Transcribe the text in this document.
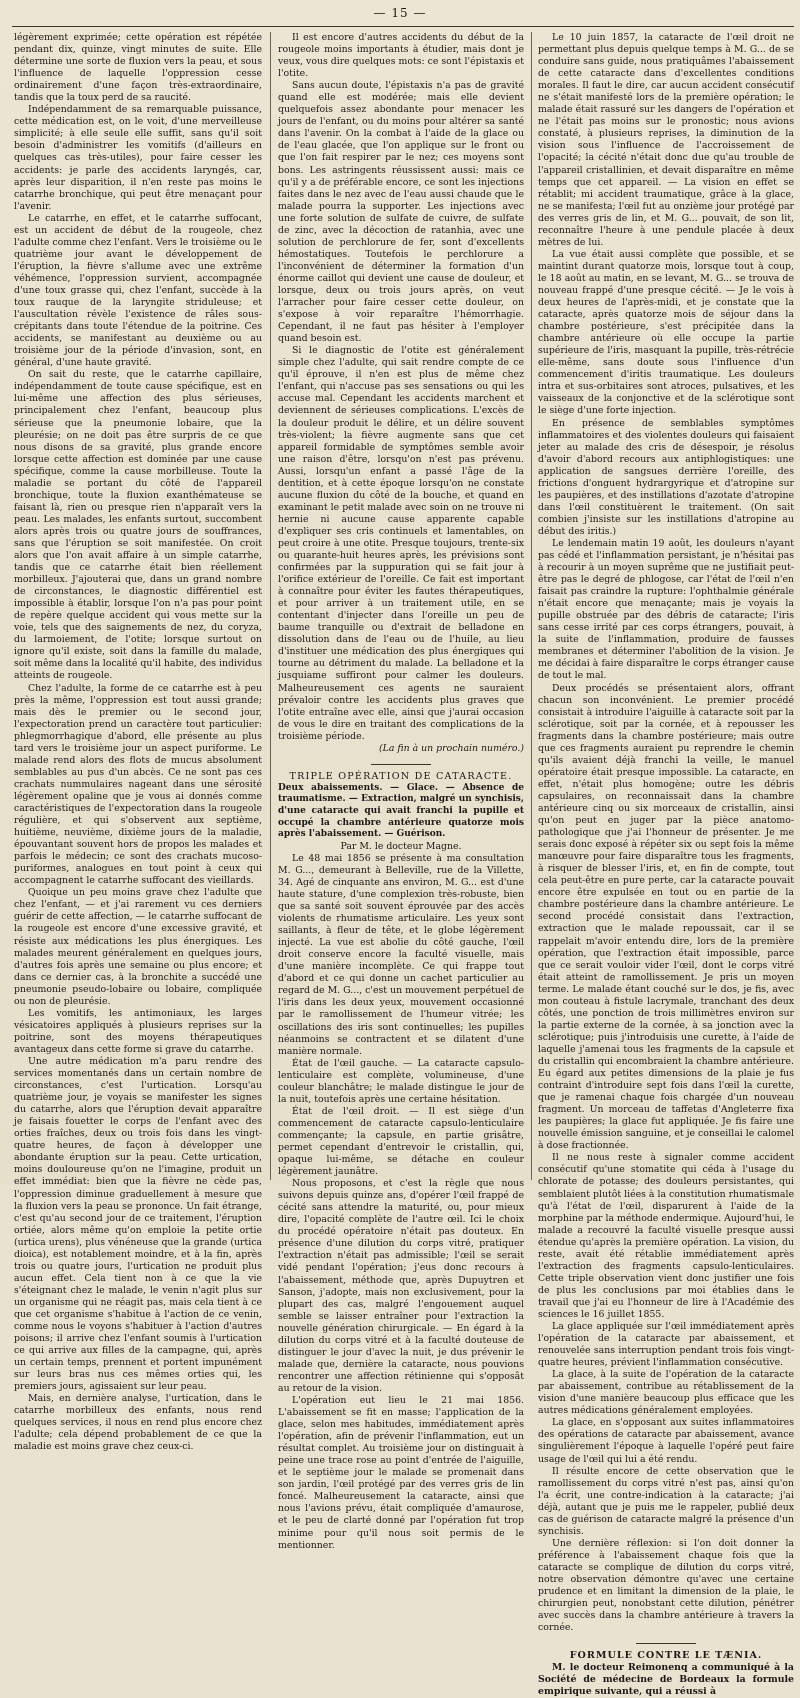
— 15 —

légèrement exprimée; cette opération est répétée pendant dix, quinze, vingt minutes de suite. Elle détermine une sorte de fluxion vers la peau, et sous l'influence de laquelle l'oppression cesse ordinairement d'une façon très-extraordinaire, tandis que la toux perd de sa raucité.

Indépendamment de sa remarquable puissance, cette médication est, on le voit, d'une merveilleuse simplicité; à elle seule elle suffit, sans qu'il soit besoin d'administrer les vomitifs (d'ailleurs en quelques cas très-utiles), pour faire cesser les accidents: je parle des accidents laryngés, car, après leur disparition, il n'en reste pas moins le catarrhe bronchique, qui peut être menaçant pour l'avenir.

Le catarrhe, en effet, et le catarrhe suffocant, est un accident de début de la rougeole, chez l'adulte comme chez l'enfant. Vers le troisième ou le quatrième jour avant le développement de l'éruption, la fièvre s'allume avec une extrême véhémence, l'oppression survient, accompagnée d'une toux grasse qui, chez l'enfant, succède à la toux rauque de la laryngite striduleuse; et l'auscultation révèle l'existence de râles sous-crépitants dans toute l'étendue de la poitrine. Ces accidents, se manifestant au deuxième ou au troisième jour de la période d'invasion, sont, en général, d'une haute gravité.

On sait du reste, que le catarrhe capillaire, indépendamment de toute cause spécifique, est en lui-même une affection des plus sérieuses, principalement chez l'enfant, beaucoup plus sérieuse que la pneumonie lobaire, que la pleurésie; on ne doit pas être surpris de ce que nous disons de sa gravité, plus grande encore lorsque cette affection est dominée par une cause spécifique, comme la cause morbilleuse. Toute la maladie se portant du côté de l'appareil bronchique, toute la fluxion exanthémateuse se faisant là, rien ou presque rien n'apparaît vers la peau. Les malades, les enfants surtout, succombent alors après trois ou quatre jours de souffrances, sans que l'éruption se soit manifestée. On croit alors que l'on avait affaire à un simple catarrhe, tandis que ce catarrhe était bien réellement morbilleux. J'ajouterai que, dans un grand nombre de circonstances, le diagnostic différentiel est impossible à établir, lorsque l'on n'a pas pour point de repère quelque accident qui vous mette sur la voie, tels que des saignements de nez, du coryza, du larmoiement, de l'otite; lorsque surtout on ignore qu'il existe, soit dans la famille du malade, soit même dans la localité qu'il habite, des individus atteints de rougeole.

Chez l'adulte, la forme de ce catarrhe est à peu près la même, l'oppression est tout aussi grande; mais dès le premier ou le second jour, l'expectoration prend un caractère tout particulier: phlegmorrhagique d'abord, elle présente au plus tard vers le troisième jour un aspect puriforme. Le malade rend alors des flots de mucus absolument semblables au pus d'un abcès. Ce ne sont pas ces crachats nummulaires nageant dans une sérosité légèrement opaline que je vous ai donnés comme caractéristiques de l'expectoration dans la rougeole régulière, et qui s'observent aux septième, huitième, neuvième, dixième jours de la maladie, épouvantant souvent hors de propos les malades et parfois le médecin; ce sont des crachats mucoso-puriformes, analogues en tout point à ceux qui accompagnent le catarrhe suffocant des vieillards.

Quoique un peu moins grave chez l'adulte que chez l'enfant, — et j'ai rarement vu ces derniers guérir de cette affection, — le catarrhe suffocant de la rougeole est encore d'une excessive gravité, et résiste aux médications les plus énergiques. Les malades meurent généralement en quelques jours, d'autres fois après une semaine ou plus encore; et dans ce dernier cas, à la bronchite a succédé une pneumonie pseudo-lobaire ou lobaire, compliquée ou non de pleurésie.

Les vomitifs, les antimoniaux, les larges vésicatoires appliqués à plusieurs reprises sur la poitrine, sont des moyens thérapeutiques avantageux dans cette forme si grave du catarrhe.

Une autre médication m'a paru rendre des services momentanés dans un certain nombre de circonstances, c'est l'urtication. Lorsqu'au quatrième jour, je voyais se manifester les signes du catarrhe, alors que l'éruption devait apparaître je faisais fouetter le corps de l'enfant avec des orties fraîches, deux ou trois fois dans les vingt-quatre heures, de façon à développer une abondante éruption sur la peau. Cette urtication, moins douloureuse qu'on ne l'imagine, produit un effet immédiat: bien que la fièvre ne cède pas, l'oppression diminue graduellement à mesure que la fluxion vers la peau se prononce. Un fait étrange, c'est qu'au second jour de ce traitement, l'éruption ortiée, alors même qu'on emploie la petite ortie (urtica urens), plus vénéneuse que la grande (urtica dioica), est notablement moindre, et à la fin, après trois ou quatre jours, l'urtication ne produit plus aucun effet. Cela tient non à ce que la vie s'éteignant chez le malade, le venin n'agit plus sur un organisme qui ne réagit pas, mais cela tient à ce que cet organisme s'habitue à l'action de ce venin, comme nous le voyons s'habituer à l'action d'autres poisons; il arrive chez l'enfant soumis à l'urtication ce qui arrive aux filles de la campagne, qui, après un certain temps, prennent et portent impunément sur leurs bras nus ces mêmes orties qui, les premiers jours, agissaient sur leur peau.

Mais, en dernière analyse, l'urtication, dans le catarrhe morbilleux des enfants, nous rend quelques services, il nous en rend plus encore chez l'adulte; cela dépend probablement de ce que la maladie est moins grave chez ceux-ci.

Il est encore d'autres accidents du début de la rougeole moins importants à étudier, mais dont je veux, vous dire quelques mots: ce sont l'épistaxis et l'otite.

Sans aucun doute, l'épistaxis n'a pas de gravité quand elle est modérée; mais elle devient quelquefois assez abondante pour menacer les jours de l'enfant, ou du moins pour altérer sa santé dans l'avenir. On la combat à l'aide de la glace ou de l'eau glacée, que l'on applique sur le front ou que l'on fait respirer par le nez; ces moyens sont bons. Les astringents réussissent aussi: mais ce qu'il y a de préférable encore, ce sont les injections faites dans le nez avec de l'eau aussi chaude que le malade pourra la supporter. Les injections avec une forte solution de sulfate de cuivre, de sulfate de zinc, avec la décoction de ratanhia, avec une solution de perchlorure de fer, sont d'excellents hémostatiques. Toutefois le perchlorure a l'inconvénient de déterminer la formation d'un énorme caillot qui devient une cause de douleur, et lorsque, deux ou trois jours après, on veut l'arracher pour faire cesser cette douleur, on s'expose à voir reparaître l'hémorrhagie. Cependant, il ne faut pas hésiter à l'employer quand besoin est.

Si le diagnostic de l'otite est généralement simple chez l'adulte, qui sait rendre compte de ce qu'il éprouve, il n'en est plus de même chez l'enfant, qui n'accuse pas ses sensations ou qui les accuse mal. Cependant les accidents marchent et deviennent de sérieuses complications. L'excès de la douleur produit le délire, et un délire souvent très-violent; la fièvre augmente sans que cet appareil formidable de symptômes semble avoir une raison d'être, lorsqu'on n'est pas prévenu. Aussi, lorsqu'un enfant a passé l'âge de la dentition, et à cette époque lorsqu'on ne constate aucune fluxion du côté de la bouche, et quand en examinant le petit malade avec soin on ne trouve ni hernie ni aucune cause apparente capable d'expliquer ses cris continuels et lamentables, on peut croire à une otite. Presque toujours, trente-six ou quarante-huit heures après, les prévisions sont confirmées par la suppuration qui se fait jour à l'orifice extérieur de l'oreille. Ce fait est important à connaître pour éviter les fautes thérapeutiques, et pour arriver à un traitement utile, en se contentant d'injecter dans l'oreille un peu de baume tranquille ou d'extrait de belladone en dissolution dans de l'eau ou de l'huile, au lieu d'instituer une médication des plus énergiques qui tourne au détriment du malade. La belladone et la jusquiame suffiront pour calmer les douleurs. Malheureusement ces agents ne sauraient prévaloir contre les accidents plus graves que l'otite entraîne avec elle, ainsi que j'aurai occasion de vous le dire en traitant des complications de la troisième période.

(La fin à un prochain numéro.)

TRIPLE OPÉRATION DE CATARACTE.

Deux abaissements. — Glace. — Absence de traumatisme. — Extraction, malgré un synchisis, d'une cataracte qui avait franchi la pupille et occupé la chambre antérieure quatorze mois après l'abaissement. — Guérison.

Par M. le docteur Magne.

Le 48 mai 1856 se présente à ma consultation M. G..., demeurant à Belleville, rue de la Villette, 34. Agé de cinquante ans environ, M. G... est d'une haute stature, d'une complexion très-robuste, bien que sa santé soit souvent éprouvée par des accès violents de rhumatisme articulaire. Les yeux sont saillants, à fleur de tête, et le globe légèrement injecté. La vue est abolie du côté gauche, l'œil droit conserve encore la faculté visuelle, mais d'une manière incomplète. Ce qui frappe tout d'abord et ce qui donne un cachet particulier au regard de M. G..., c'est un mouvement perpétuel de l'iris dans les deux yeux, mouvement occasionné par le ramollissement de l'humeur vitrée; les oscillations des iris sont continuelles; les pupilles néanmoins se contractent et se dilatent d'une manière normale.

État de l'œil gauche. — La cataracte capsulo-lenticulaire est complète, volumineuse, d'une couleur blanchâtre; le malade distingue le jour de la nuit, toutefois après une certaine hésitation.

État de l'œil droit. — Il est siège d'un commencement de cataracte capsulo-lenticulaire commençante; la capsule, en partie grisâtre, permet cependant d'entrevoir le cristallin, qui, opaque lui-même, se détache en couleur légèrement jaunâtre.

Nous proposons, et c'est la règle que nous suivons depuis quinze ans, d'opérer l'œil frappé de cécité sans attendre la maturité, ou, pour mieux dire, l'opacité complète de l'autre œil. Ici le choix du procédé opératoire n'était pas douteux. En présence d'une dilution du corps vitré, pratiquer l'extraction n'était pas admissible; l'œil se serait vidé pendant l'opération; j'eus donc recours à l'abaissement, méthode que, après Dupuytren et Sanson, j'adopte, mais non exclusivement, pour la plupart des cas, malgré l'engouement auquel semble se laisser entraîner pour l'extraction la nouvelle génération chirurgicale. — En égard à la dilution du corps vitré et à la faculté douteuse de distinguer le jour d'avec la nuit, je dus prévenir le malade que, dernière la cataracte, nous pouvions rencontrer une affection rétinienne qui s'opposât au retour de la vision.

L'opération eut lieu le 21 mai 1856. L'abaissement se fit en masse; l'application de la glace, selon mes habitudes, immédiatement après l'opération, afin de prévenir l'inflammation, eut un résultat complet. Au troisième jour on distinguait à peine une trace rose au point d'entrée de l'aiguille, et le septième jour le malade se promenait dans son jardin, l'œil protégé par des verres gris de lin foncé. Malheureusement la cataracte, ainsi que nous l'avions prévu, était compliquée d'amaurose, et le peu de clarté donné par l'opération fut trop minime pour qu'il nous soit permis de le mentionner.

Le 10 juin 1857, la cataracte de l'œil droit ne permettant plus depuis quelque temps à M. G... de se conduire sans guide, nous pratiquâmes l'abaissement de cette cataracte dans d'excellentes conditions morales. Il faut le dire, car aucun accident consécutif ne s'était manifesté lors de la première opération; le malade était rassuré sur les dangers de l'opération et ne l'était pas moins sur le pronostic; nous avions constaté, à plusieurs reprises, la diminution de la vision sous l'influence de l'accroissement de l'opacité; la cécité n'était donc due qu'au trouble de l'appareil cristallinien, et devait disparaître en même temps que cet appareil. — La vision en effet se rétablit; mi accident traumatique, grâce à la glace, ne se manifesta; l'œil fut au onzième jour protégé par des verres gris de lin, et M. G... pouvait, de son lit, reconnaître l'heure à une pendule placée à deux mètres de lui.

La vue était aussi complète que possible, et se maintint durant quatorze mois, lorsque tout à coup, le 18 août au matin, en se levant, M. G... se trouva de nouveau frappé d'une presque cécité. — Je le vois à deux heures de l'après-midi, et je constate que la cataracte, après quatorze mois de séjour dans la chambre postérieure, s'est précipitée dans la chambre antérieure où elle occupe la partie supérieure de l'iris, masquant la pupille, très-rétrécie elle-même, sans doute sous l'influence d'un commencement d'iritis traumatique. Les douleurs intra et sus-orbitaires sont atroces, pulsatives, et les vaisseaux de la conjonctive et de la sclérotique sont le siège d'une forte injection.

En présence de semblables symptômes inflammatoires et des violentes douleurs qui faisaient jeter au malade des cris de désespoir, je résolus d'avoir d'abord recours aux antiphlogistiques: une application de sangsues derrière l'oreille, des frictions d'onguent hydrargyrique et d'atropine sur les paupières, et des instillations d'azotate d'atropine dans l'œil constituèrent le traitement. (On sait combien j'insiste sur les instillations d'atropine au début des iritis.)

Le lendemain matin 19 août, les douleurs n'ayant pas cédé et l'inflammation persistant, je n'hésitai pas à recourir à un moyen suprême que ne justifiait peut-être pas le degré de phlogose, car l'état de l'œil n'en faisait pas craindre la rupture: l'ophthalmie générale n'était encore que menaçante; mais je voyais la pupille obstruée par des débris de cataracte; l'iris sans cesse irrité par ces corps étrangers, pouvait, à la suite de l'inflammation, produire de fausses membranes et déterminer l'abolition de la vision. Je me décidai à faire disparaître le corps étranger cause de tout le mal.

Deux procédés se présentaient alors, offrant chacun son inconvénient. Le premier procédé consistait à introduire l'aiguille à cataracte soit par la sclérotique, soit par la cornée, et à repousser les fragments dans la chambre postérieure; mais outre que ces fragments auraient pu reprendre le chemin qu'ils avaient déjà franchi la veille, le manuel opératoire était presque impossible. La cataracte, en effet, n'était plus homogène; outre les débris capsulaires, on reconnaissait dans la chambre antérieure cinq ou six morceaux de cristallin, ainsi qu'on peut en juger par la pièce anatomo-pathologique que j'ai l'honneur de présenter. Je me serais donc exposé à répéter six ou sept fois la même manœuvre pour faire disparaître tous les fragments, à risquer de blesser l'iris, et, en fin de compte, tout cela peut-être en pure perte, car la cataracte pouvait encore être expulsée en tout ou en partie de la chambre postérieure dans la chambre antérieure. Le second procédé consistait dans l'extraction, extraction que le malade repoussait, car il se rappelait m'avoir entendu dire, lors de la première opération, que l'extraction était impossible, parce que ce serait vouloir vider l'œil, dont le corps vitré était atteint de ramollissement. Je pris un moyen terme. Le malade étant couché sur le dos, je fis, avec mon couteau à fistule lacrymale, tranchant des deux côtés, une ponction de trois millimètres environ sur la partie externe de la cornée, à sa jonction avec la sclérotique; puis j'introduisis une curette, à l'aide de laquelle j'amenai tous les fragments de la capsule et du cristallin qui encombraient la chambre antérieure. Eu égard aux petites dimensions de la plaie je fus contraint d'introduire sept fois dans l'œil la curette, que je ramenai chaque fois chargée d'un nouveau fragment. Un morceau de taffetas d'Angleterre fixa les paupières; la glace fut appliquée. Je fis faire une nouvelle émission sanguine, et je conseillai le calomel à dose fractionnée.

Il ne nous reste à signaler comme accident consécutif qu'une stomatite qui céda à l'usage du chlorate de potasse; des douleurs persistantes, qui semblaient plutôt liées à la constitution rhumatismale qu'à l'état de l'œil, disparurent à l'aide de la morphine par la méthode endermique. Aujourd'hui, le malade a recouvré la faculté visuelle presque aussi étendue qu'après la première opération. La vision, du reste, avait été rétablie immédiatement après l'extraction des fragments capsulo-lenticulaires. Cette triple observation vient donc justifier une fois de plus les conclusions par moi établies dans le travail que j'ai eu l'honneur de lire à l'Académie des sciences le 16 juillet 1855.

La glace appliquée sur l'œil immédiatement après l'opération de la cataracte par abaissement, et renouvelée sans interruption pendant trois fois vingt-quatre heures, prévient l'inflammation consécutive.

La glace, à la suite de l'opération de la cataracte par abaissement, contribue au rétablissement de la vision d'une manière beaucoup plus efficace que les autres médications généralement employées.

La glace, en s'opposant aux suites inflammatoires des opérations de cataracte par abaissement, avance singulièrement l'époque à laquelle l'opéré peut faire usage de l'œil qui lui a été rendu.

Il résulte encore de cette observation que le ramollissement du corps vitré n'est pas, ainsi qu'on l'a écrit, une contre-indication à la cataracte; j'ai déjà, autant que je puis me le rappeler, publié deux cas de guérison de cataracte malgré la présence d'un synchisis.

Une dernière réflexion: si l'on doit donner la préférence à l'abaissement chaque fois que la cataracte se complique de dilution du corps vitré, notre observation démontre qu'avec une certaine prudence et en limitant la dimension de la plaie, le chirurgien peut, nonobstant cette dilution, pénétrer avec succès dans la chambre antérieure à travers la cornée.

FORMULE CONTRE LE TÆNIA.

M. le docteur Reimonenq a communiqué à la Société de médecine de Bordeaux la formule empirique suivante, qui a réussi à
